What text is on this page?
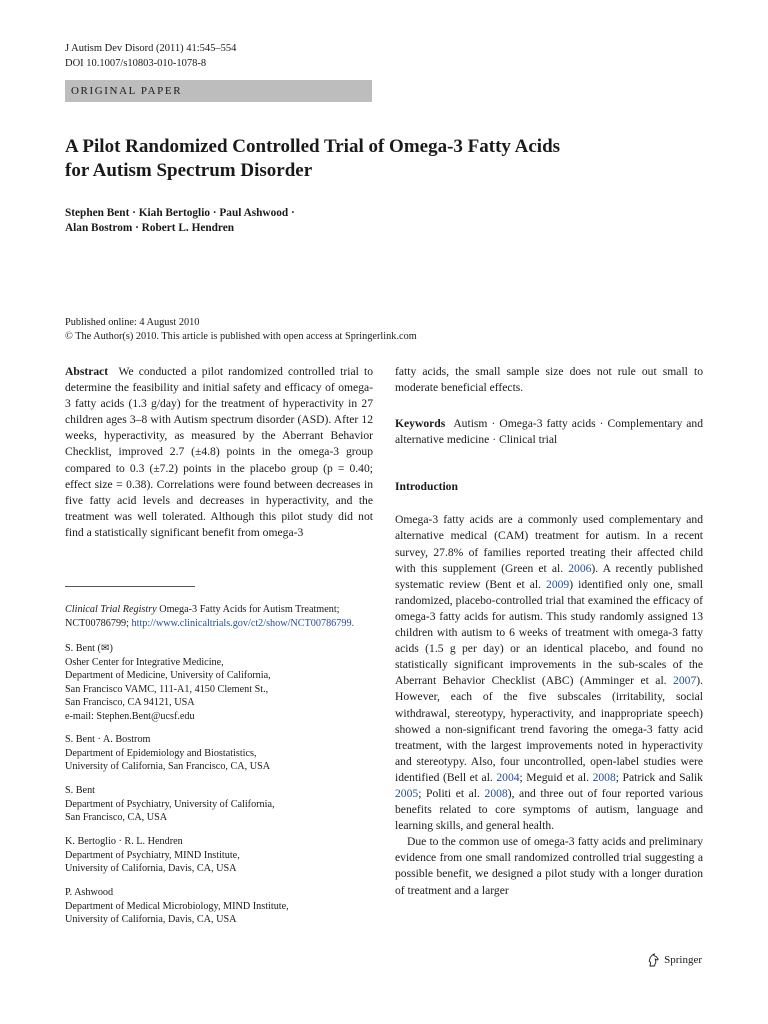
J Autism Dev Disord (2011) 41:545–554
DOI 10.1007/s10803-010-1078-8
ORIGINAL PAPER
A Pilot Randomized Controlled Trial of Omega-3 Fatty Acids
for Autism Spectrum Disorder
Stephen Bent · Kiah Bertoglio · Paul Ashwood ·
Alan Bostrom · Robert L. Hendren
Published online: 4 August 2010
© The Author(s) 2010. This article is published with open access at Springerlink.com

Abstract We conducted a pilot randomized controlled trial to determine the feasibility and initial safety and efficacy of omega-3 fatty acids (1.3 g/day) for the treatment of hyperactivity in 27 children ages 3–8 with Autism spectrum disorder (ASD). After 12 weeks, hyperactivity, as measured by the Aberrant Behavior Checklist, improved 2.7 (±4.8) points in the omega-3 group compared to 0.3 (±7.2) points in the placebo group (p = 0.40; effect size = 0.38). Correlations were found between decreases in five fatty acid levels and decreases in hyperactivity, and the treatment was well tolerated. Although this pilot study did not find a statistically significant benefit from omega-3

Clinical Trial Registry Omega-3 Fatty Acids for Autism Treatment; NCT00786799; http://www.clinicaltrials.gov/ct2/show/NCT00786799.
S. Bent (✉)
Osher Center for Integrative Medicine,
Department of Medicine, University of California,
San Francisco VAMC, 111-A1, 4150 Clement St.,
San Francisco, CA 94121, USA
e-mail: Stephen.Bent@ucsf.edu
S. Bent · A. Bostrom
Department of Epidemiology and Biostatistics,
University of California, San Francisco, CA, USA
S. Bent
Department of Psychiatry, University of California,
San Francisco, CA, USA
K. Bertoglio · R. L. Hendren
Department of Psychiatry, MIND Institute,
University of California, Davis, CA, USA
P. Ashwood
Department of Medical Microbiology, MIND Institute,
University of California, Davis, CA, USA

fatty acids, the small sample size does not rule out small to moderate beneficial effects.

Keywords Autism · Omega-3 fatty acids · Complementary and alternative medicine · Clinical trial

Introduction

Omega-3 fatty acids are a commonly used complementary and alternative medical (CAM) treatment for autism. In a recent survey, 27.8% of families reported treating their affected child with this supplement (Green et al. 2006). A recently published systematic review (Bent et al. 2009) identified only one, small randomized, placebo-controlled trial that examined the efficacy of omega-3 fatty acids for autism. This study randomly assigned 13 children with autism to 6 weeks of treatment with omega-3 fatty acids (1.5 g per day) or an identical placebo, and found no statistically significant improvements in the sub-scales of the Aberrant Behavior Checklist (ABC) (Amminger et al. 2007). However, each of the five subscales (irritability, social withdrawal, stereotypy, hyperactivity, and inappropriate speech) showed a non-significant trend favoring the omega-3 fatty acid treatment, with the largest improvements noted in hyperactivity and stereotypy. Also, four uncontrolled, open-label studies were identified (Bell et al. 2004; Meguid et al. 2008; Patrick and Salik 2005; Politi et al. 2008), and three out of four reported various benefits related to core symptoms of autism, language and learning skills, and general health.

Due to the common use of omega-3 fatty acids and preliminary evidence from one small randomized controlled trial suggesting a possible benefit, we designed a pilot study with a longer duration of treatment and a larger

Springer
